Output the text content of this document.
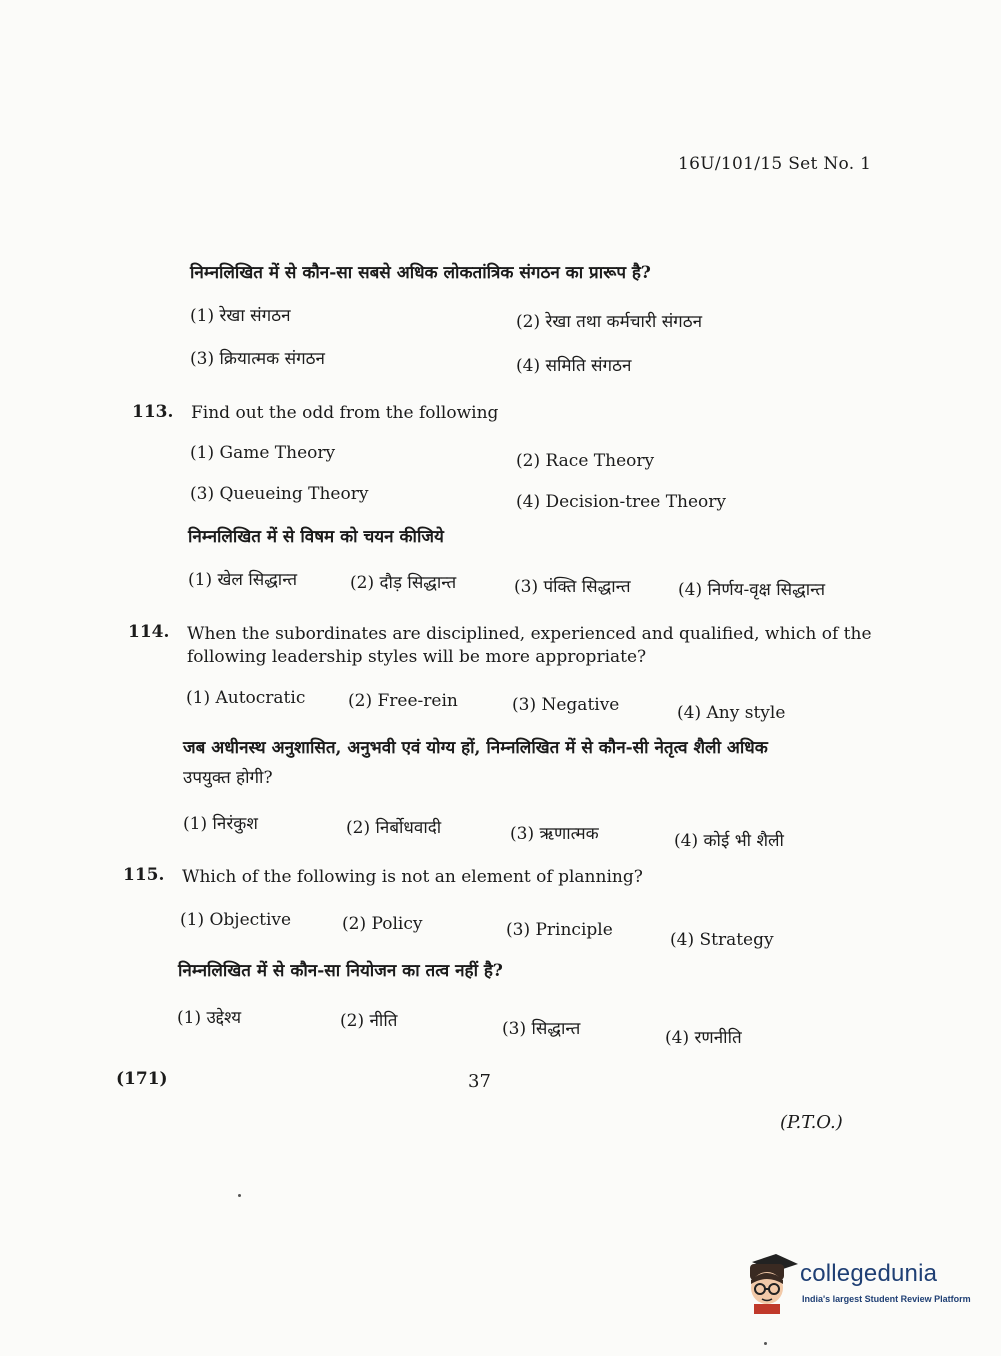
16U/101/15 Set No. 1
निम्नलिखित में से कौन-सा सबसे अधिक लोकतांत्रिक संगठन का प्रारूप है?
(1) रेखा संगठन	(2) रेखा तथा कर्मचारी संगठन
(3) क्रियात्मक संगठन	(4) समिति संगठन
113. Find out the odd from the following
(1) Game Theory	(2) Race Theory
(3) Queueing Theory	(4) Decision-tree Theory
निम्नलिखित में से विषम को चयन कीजिये
(1) खेल सिद्धान्त	(2) दौड़ सिद्धान्त	(3) पंक्ति सिद्धान्त	(4) निर्णय-वृक्ष सिद्धान्त
114. When the subordinates are disciplined, experienced and qualified, which of the
following leadership styles will be more appropriate?
(1) Autocratic	(2) Free-rein	(3) Negative	(4) Any style
जब अधीनस्थ अनुशासित, अनुभवी एवं योग्य हों, निम्नलिखित में से कौन-सी नेतृत्व शैली अधिक
उपयुक्त होगी?
(1) निरंकुश	(2) निर्बोधवादी	(3) ऋणात्मक	(4) कोई भी शैली
115. Which of the following is not an element of planning?
(1) Objective	(2) Policy	(3) Principle	(4) Strategy
निम्नलिखित में से कौन-सा नियोजन का तत्व नहीं है?
(1) उद्देश्य	(2) नीति	(3) सिद्धान्त	(4) रणनीति
(171)	37
(P.T.O.)
collegedunia
India's largest Student Review Platform
